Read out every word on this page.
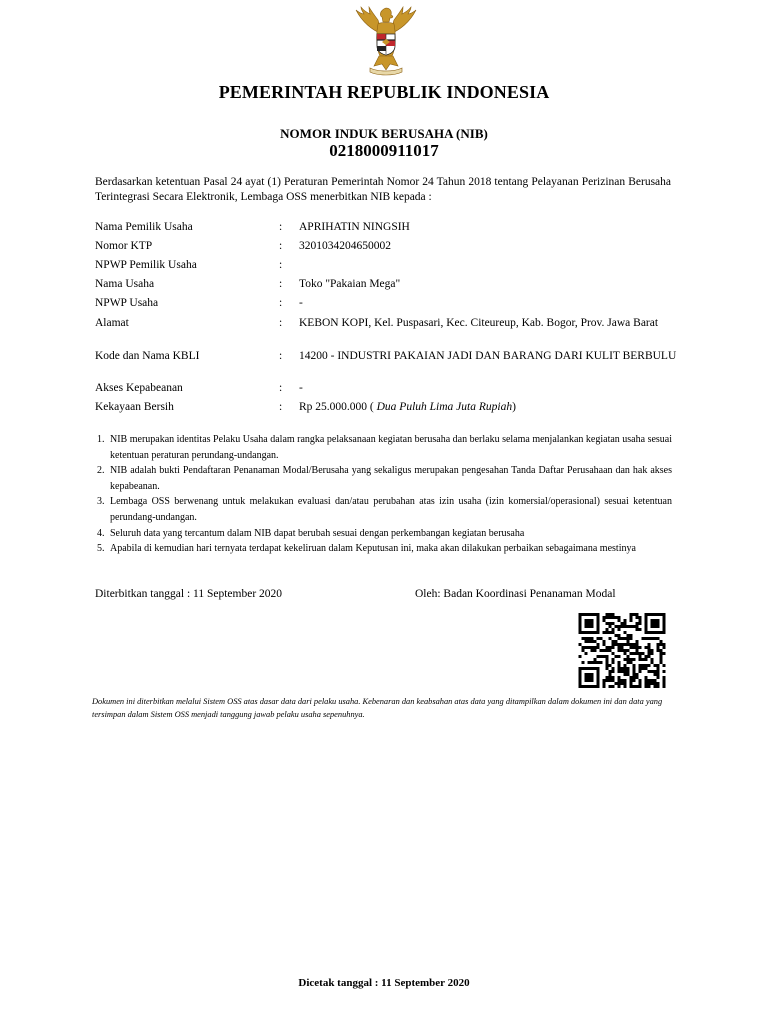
PEMERINTAH REPUBLIK INDONESIA
NOMOR INDUK BERUSAHA (NIB)
0218000911017

Berdasarkan ketentuan Pasal 24 ayat (1) Peraturan Pemerintah Nomor 24 Tahun 2018 tentang Pelayanan Perizinan Berusaha Terintegrasi Secara Elektronik, Lembaga OSS menerbitkan NIB kepada :

Nama Pemilik Usaha	: APRIHATIN NINGSIH
Nomor KTP	: 3201034204650002
NPWP Pemilik Usaha	:
Nama Usaha	: Toko "Pakaian Mega"
NPWP Usaha	: -
Alamat	: KEBON KOPI, Kel. Puspasari, Kec. Citeureup, Kab. Bogor, Prov. Jawa Barat
Kode dan Nama KBLI	: 14200 - INDUSTRI PAKAIAN JADI DAN BARANG DARI KULIT BERBULU
Akses Kepabeanan	: -
Kekayaan Bersih	: Rp 25.000.000 ( Dua Puluh Lima Juta Rupiah)
1. NIB merupakan identitas Pelaku Usaha dalam rangka pelaksanaan kegiatan berusaha dan berlaku selama menjalankan kegiatan usaha sesuai ketentuan peraturan perundang-undangan.
2. NIB adalah bukti Pendaftaran Penanaman Modal/Berusaha yang sekaligus merupakan pengesahan Tanda Daftar Perusahaan dan hak akses kepabeanan.
3. Lembaga OSS berwenang untuk melakukan evaluasi dan/atau perubahan atas izin usaha (izin komersial/operasional) sesuai ketentuan perundang-undangan.
4. Seluruh data yang tercantum dalam NIB dapat berubah sesuai dengan perkembangan kegiatan berusaha
5. Apabila di kemudian hari ternyata terdapat kekeliruan dalam Keputusan ini, maka akan dilakukan perbaikan sebagaimana mestinya
Diterbitkan tanggal : 11 September 2020	Oleh: Badan Koordinasi Penanaman Modal

Dokumen ini diterbitkan melalui Sistem OSS atas dasar data dari pelaku usaha. Kebenaran dan keabsahan atas data yang ditampilkan dalam dokumen ini dan data yang tersimpan dalam Sistem OSS menjadi tanggung jawab pelaku usaha sepenuhnya.

Dicetak tanggal : 11 September 2020
